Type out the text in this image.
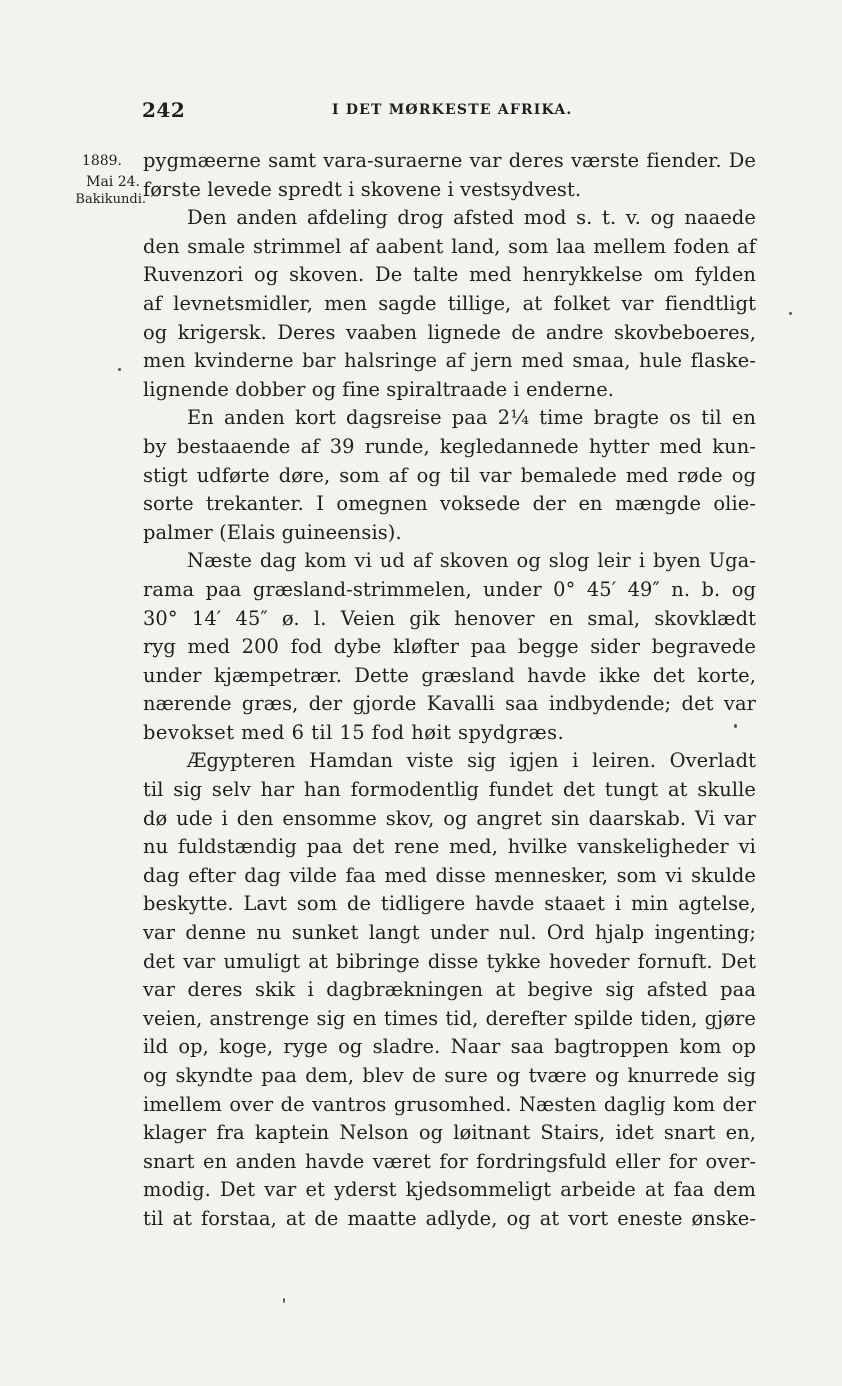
242	I DET MØRKESTE AFRIKA.
1889.
Mai 24.
Bakikundi.
pygmæerne samt vara-suraerne var deres værste fiender. De
første levede spredt i skovene i vestsydvest.
Den anden afdeling drog afsted mod s. t. v. og naaede
den smale strimmel af aabent land, som laa mellem foden af
Ruvenzori og skoven. De talte med henrykkelse om fylden
af levnetsmidler, men sagde tillige, at folket var fiendtligt
og krigersk. Deres vaaben lignede de andre skovbeboeres,
men kvinderne bar halsringe af jern med smaa, hule flaske-
lignende dobber og fine spiraltraade i enderne.
En anden kort dagsreise paa 2¼ time bragte os til en
by bestaaende af 39 runde, kegledannede hytter med kun-
stigt udførte døre, som af og til var bemalede med røde og
sorte trekanter. I omegnen voksede der en mængde olie-
palmer (Elais guineensis).
Næste dag kom vi ud af skoven og slog leir i byen Uga-
rama paa græsland-strimmelen, under 0° 45′ 49″ n. b. og
30° 14′ 45″ ø. l. Veien gik henover en smal, skovklædt
ryg med 200 fod dybe kløfter paa begge sider begravede
under kjæmpetrær. Dette græsland havde ikke det korte,
nærende græs, der gjorde Kavalli saa indbydende; det var
bevokset med 6 til 15 fod høit spydgræs.
Ægypteren Hamdan viste sig igjen i leiren. Overladt
til sig selv har han formodentlig fundet det tungt at skulle
dø ude i den ensomme skov, og angret sin daarskab. Vi var
nu fuldstændig paa det rene med, hvilke vanskeligheder vi
dag efter dag vilde faa med disse mennesker, som vi skulde
beskytte. Lavt som de tidligere havde staaet i min agtelse,
var denne nu sunket langt under nul. Ord hjalp ingenting;
det var umuligt at bibringe disse tykke hoveder fornuft. Det
var deres skik i dagbrækningen at begive sig afsted paa
veien, anstrenge sig en times tid, derefter spilde tiden, gjøre
ild op, koge, ryge og sladre. Naar saa bagtroppen kom op
og skyndte paa dem, blev de sure og tvære og knurrede sig
imellem over de vantros grusomhed. Næsten daglig kom der
klager fra kaptein Nelson og løitnant Stairs, idet snart en,
snart en anden havde været for fordringsfuld eller for over-
modig. Det var et yderst kjedsommeligt arbeide at faa dem
til at forstaa, at de maatte adlyde, og at vort eneste ønske-
